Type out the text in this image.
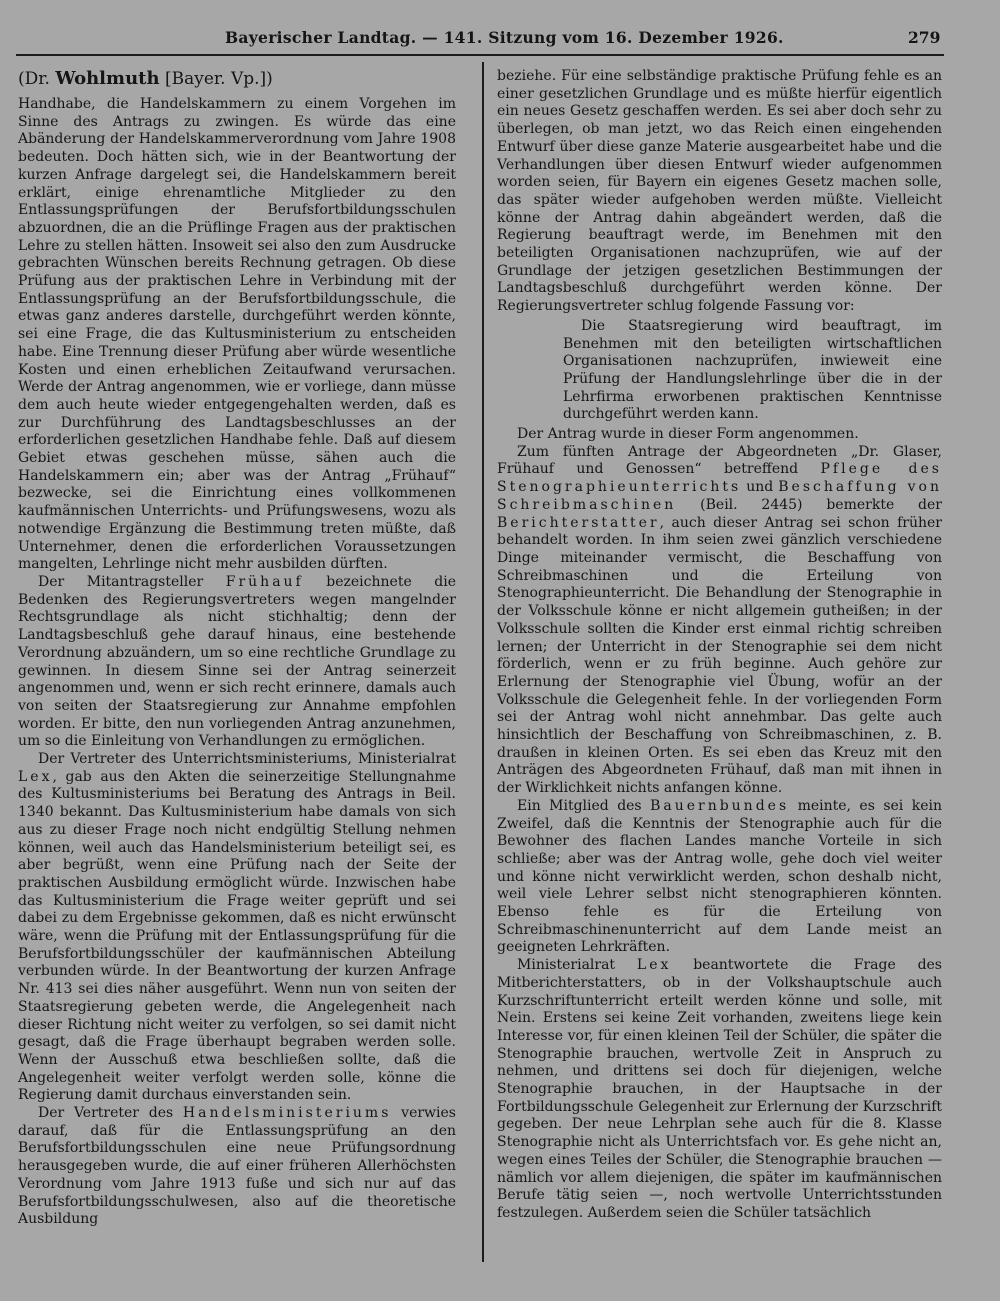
Bayerischer Landtag. — 141. Sitzung vom 16. Dezember 1926.	279

(Dr. Wohlmuth [Bayer. Vp.])

Handhabe, die Handelskammern zu einem Vorgehen im Sinne des Antrags zu zwingen. Es würde das eine Abänderung der Handelskammerverordnung vom Jahre 1908 bedeuten. Doch hätten sich, wie in der Beantwortung der kurzen Anfrage dargelegt sei, die Handelskammern bereit erklärt, einige ehrenamtliche Mitglieder zu den Entlassungsprüfungen der Berufsfortbildungsschulen abzuordnen, die an die Prüflinge Fragen aus der praktischen Lehre zu stellen hätten. Insoweit sei also den zum Ausdrucke gebrachten Wünschen bereits Rechnung getragen. Ob diese Prüfung aus der praktischen Lehre in Verbindung mit der Entlassungsprüfung an der Berufsfortbildungsschule, die etwas ganz anderes darstelle, durchgeführt werden könnte, sei eine Frage, die das Kultusministerium zu entscheiden habe. Eine Trennung dieser Prüfung aber würde wesentliche Kosten und einen erheblichen Zeitaufwand verursachen. Werde der Antrag angenommen, wie er vorliege, dann müsse dem auch heute wieder entgegengehalten werden, daß es zur Durchführung des Landtagsbeschlusses an der erforderlichen gesetzlichen Handhabe fehle. Daß auf diesem Gebiet etwas geschehen müsse, sähen auch die Handelskammern ein; aber was der Antrag „Frühauf“ bezwecke, sei die Einrichtung eines vollkommenen kaufmännischen Unterrichts- und Prüfungswesens, wozu als notwendige Ergänzung die Bestimmung treten müßte, daß Unternehmer, denen die erforderlichen Voraussetzungen mangelten, Lehrlinge nicht mehr ausbilden dürften.

Der Mitantragsteller Frühauf bezeichnete die Bedenken des Regierungsvertreters wegen mangelnder Rechtsgrundlage als nicht stichhaltig; denn der Landtagsbeschluß gehe darauf hinaus, eine bestehende Verordnung abzuändern, um so eine rechtliche Grundlage zu gewinnen. In diesem Sinne sei der Antrag seinerzeit angenommen und, wenn er sich recht erinnere, damals auch von seiten der Staatsregierung zur Annahme empfohlen worden. Er bitte, den nun vorliegenden Antrag anzunehmen, um so die Einleitung von Verhandlungen zu ermöglichen.

Der Vertreter des Unterrichtsministeriums, Ministerialrat Lex, gab aus den Akten die seinerzeitige Stellungnahme des Kultusministeriums bei Beratung des Antrags in Beil. 1340 bekannt. Das Kultusministerium habe damals von sich aus zu dieser Frage noch nicht endgültig Stellung nehmen können, weil auch das Handelsministerium beteiligt sei, es aber begrüßt, wenn eine Prüfung nach der Seite der praktischen Ausbildung ermöglicht würde. Inzwischen habe das Kultusministerium die Frage weiter geprüft und sei dabei zu dem Ergebnisse gekommen, daß es nicht erwünscht wäre, wenn die Prüfung mit der Entlassungsprüfung für die Berufsfortbildungsschüler der kaufmännischen Abteilung verbunden würde. In der Beantwortung der kurzen Anfrage Nr. 413 sei dies näher ausgeführt. Wenn nun von seiten der Staatsregierung gebeten werde, die Angelegenheit nach dieser Richtung nicht weiter zu verfolgen, so sei damit nicht gesagt, daß die Frage überhaupt begraben werden solle. Wenn der Ausschuß etwa beschließen sollte, daß die Angelegenheit weiter verfolgt werden solle, könne die Regierung damit durchaus einverstanden sein.

Der Vertreter des Handelsministeriums verwies darauf, daß für die Entlassungsprüfung an den Berufsfortbildungsschulen eine neue Prüfungsordnung herausgegeben wurde, die auf einer früheren Allerhöchsten Verordnung vom Jahre 1913 fuße und sich nur auf das Berufsfortbildungsschulwesen, also auf die theoretische Ausbildung

beziehe. Für eine selbständige praktische Prüfung fehle es an einer gesetzlichen Grundlage und es müßte hierfür eigentlich ein neues Gesetz geschaffen werden. Es sei aber doch sehr zu überlegen, ob man jetzt, wo das Reich einen eingehenden Entwurf über diese ganze Materie ausgearbeitet habe und die Verhandlungen über diesen Entwurf wieder aufgenommen worden seien, für Bayern ein eigenes Gesetz machen solle, das später wieder aufgehoben werden müßte. Vielleicht könne der Antrag dahin abgeändert werden, daß die Regierung beauftragt werde, im Benehmen mit den beteiligten Organisationen nachzuprüfen, wie auf der Grundlage der jetzigen gesetzlichen Bestimmungen der Landtagsbeschluß durchgeführt werden könne. Der Regierungsvertreter schlug folgende Fassung vor:

Die Staatsregierung wird beauftragt, im Benehmen mit den beteiligten wirtschaftlichen Organisationen nachzuprüfen, inwieweit eine Prüfung der Handlungslehrlinge über die in der Lehrfirma erworbenen praktischen Kenntnisse durchgeführt werden kann.

Der Antrag wurde in dieser Form angenommen.

Zum fünften Antrage der Abgeordneten „Dr. Glaser, Frühauf und Genossen“ betreffend Pflege des Stenographieunterrichts und Beschaffung von Schreibmaschinen (Beil. 2445) bemerkte der Berichterstatter, auch dieser Antrag sei schon früher behandelt worden. In ihm seien zwei gänzlich verschiedene Dinge miteinander vermischt, die Beschaffung von Schreibmaschinen und die Erteilung von Stenographieunterricht. Die Behandlung der Stenographie in der Volksschule könne er nicht allgemein gutheißen; in der Volksschule sollten die Kinder erst einmal richtig schreiben lernen; der Unterricht in der Stenographie sei dem nicht förderlich, wenn er zu früh beginne. Auch gehöre zur Erlernung der Stenographie viel Übung, wofür an der Volksschule die Gelegenheit fehle. In der vorliegenden Form sei der Antrag wohl nicht annehmbar. Das gelte auch hinsichtlich der Beschaffung von Schreibmaschinen, z. B. draußen in kleinen Orten. Es sei eben das Kreuz mit den Anträgen des Abgeordneten Frühauf, daß man mit ihnen in der Wirklichkeit nichts anfangen könne.

Ein Mitglied des Bauernbundes meinte, es sei kein Zweifel, daß die Kenntnis der Stenographie auch für die Bewohner des flachen Landes manche Vorteile in sich schließe; aber was der Antrag wolle, gehe doch viel weiter und könne nicht verwirklicht werden, schon deshalb nicht, weil viele Lehrer selbst nicht stenographieren könnten. Ebenso fehle es für die Erteilung von Schreibmaschinenunterricht auf dem Lande meist an geeigneten Lehrkräften.

Ministerialrat Lex beantwortete die Frage des Mitberichterstatters, ob in der Volkshauptschule auch Kurzschriftunterricht erteilt werden könne und solle, mit Nein. Erstens sei keine Zeit vorhanden, zweitens liege kein Interesse vor, für einen kleinen Teil der Schüler, die später die Stenographie brauchen, wertvolle Zeit in Anspruch zu nehmen, und drittens sei doch für diejenigen, welche Stenographie brauchen, in der Hauptsache in der Fortbildungsschule Gelegenheit zur Erlernung der Kurzschrift gegeben. Der neue Lehrplan sehe auch für die 8. Klasse Stenographie nicht als Unterrichtsfach vor. Es gehe nicht an, wegen eines Teiles der Schüler, die Stenographie brauchen — nämlich vor allem diejenigen, die später im kaufmännischen Berufe tätig seien —, noch wertvolle Unterrichtsstunden festzulegen. Außerdem seien die Schüler tatsächlich
